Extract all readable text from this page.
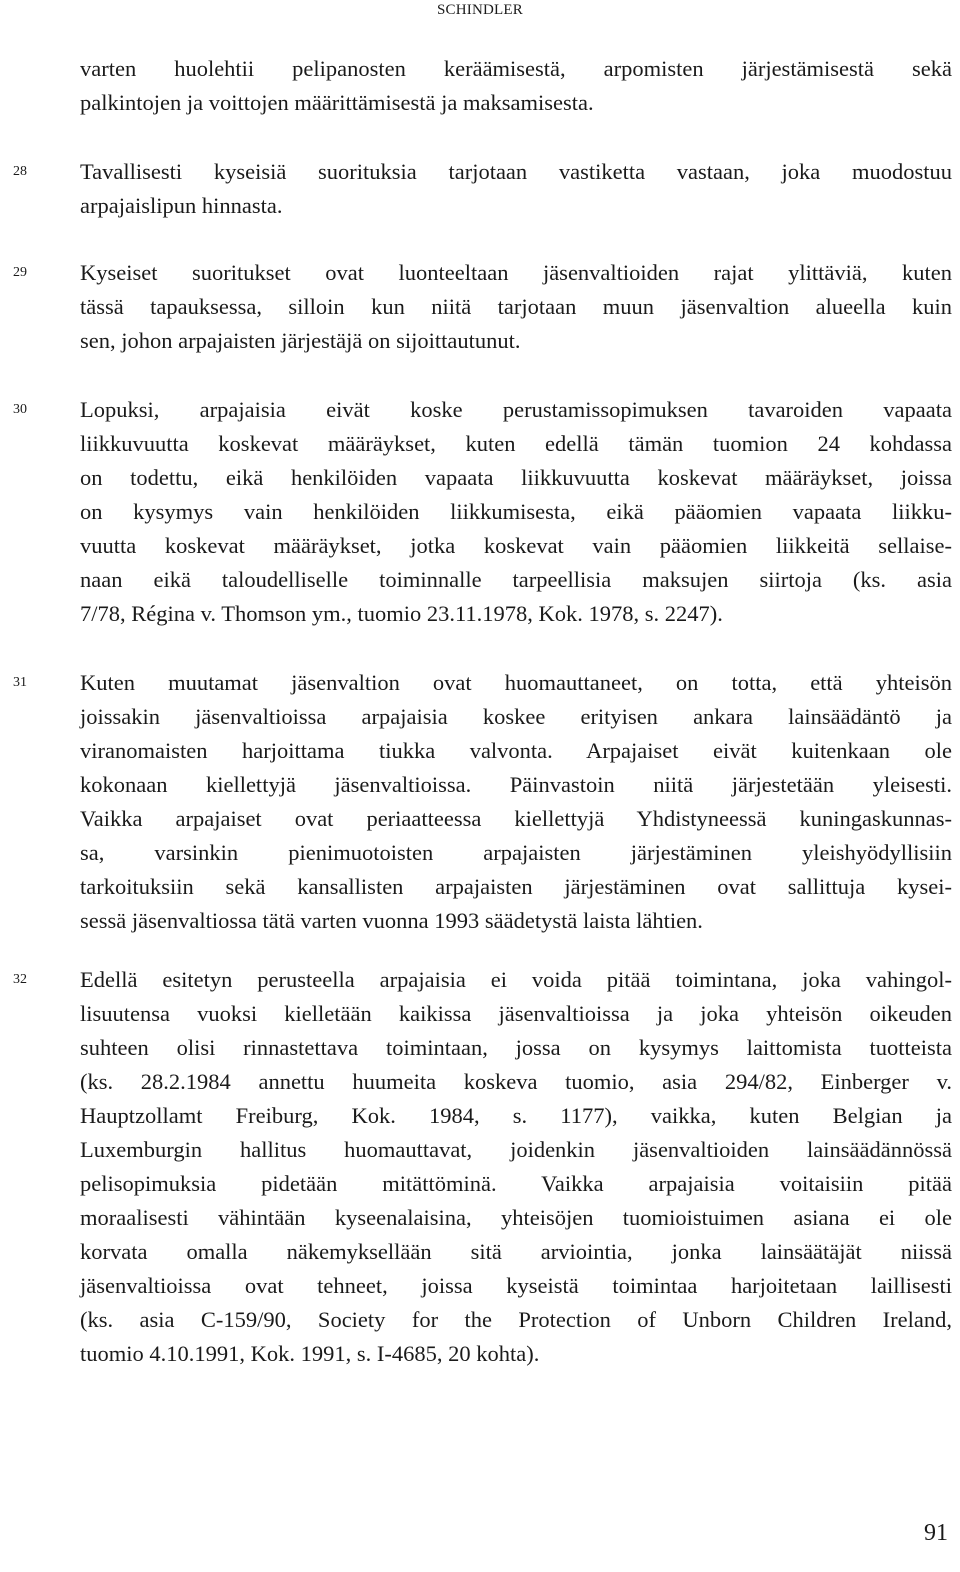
SCHINDLER
varten huolehtii pelipanosten keräämisestä, arpomisten järjestämisestä sekä
palkintojen ja voittojen määrittämisestä ja maksamisesta.
28	Tavallisesti kyseisiä suorituksia tarjotaan vastiketta vastaan, joka muodostuu
arpajaislipun hinnasta.
29	Kyseiset suoritukset ovat luonteeltaan jäsenvaltioiden rajat ylittäviä, kuten
tässä tapauksessa, silloin kun niitä tarjotaan muun jäsenvaltion alueella kuin
sen, johon arpajaisten järjestäjä on sijoittautunut.
30	Lopuksi, arpajaisia eivät koske perustamissopimuksen tavaroiden vapaata
liikkuvuutta koskevat määräykset, kuten edellä tämän tuomion 24 kohdassa
on todettu, eikä henkilöiden vapaata liikkuvuutta koskevat määräykset, joissa
on kysymys vain henkilöiden liikkumisesta, eikä pääomien vapaata liikku-
vuutta koskevat määräykset, jotka koskevat vain pääomien liikkeitä sellaise-
naan eikä taloudelliselle toiminnalle tarpeellisia maksujen siirtoja (ks. asia
7/78, Régina v. Thomson ym., tuomio 23.11.1978, Kok. 1978, s. 2247).
31	Kuten muutamat jäsenvaltion ovat huomauttaneet, on totta, että yhteisön
joissakin jäsenvaltioissa arpajaisia koskee erityisen ankara lainsäädäntö ja
viranomaisten harjoittama tiukka valvonta. Arpajaiset eivät kuitenkaan ole
kokonaan kiellettyjä jäsenvaltioissa. Päinvastoin niitä järjestetään yleisesti.
Vaikka arpajaiset ovat periaatteessa kiellettyjä Yhdistyneessä kuningaskunnas-
sa, varsinkin pienimuotoisten arpajaisten järjestäminen yleishyödyllisiin
tarkoituksiin sekä kansallisten arpajaisten järjestäminen ovat sallittuja kysei-
sessä jäsenvaltiossa tätä varten vuonna 1993 säädetystä laista lähtien.
32	Edellä esitetyn perusteella arpajaisia ei voida pitää toimintana, joka vahingol-
lisuutensa vuoksi kielletään kaikissa jäsenvaltioissa ja joka yhteisön oikeuden
suhteen olisi rinnastettava toimintaan, jossa on kysymys laittomista tuotteista
(ks. 28.2.1984 annettu huumeita koskeva tuomio, asia 294/82, Einberger v.
Hauptzollamt Freiburg, Kok. 1984, s. 1177), vaikka, kuten Belgian ja
Luxemburgin hallitus huomauttavat, joidenkin jäsenvaltioiden lainsäädännössä
pelisopimuksia pidetään mitättöminä. Vaikka arpajaisia voitaisiin pitää
moraalisesti vähintään kyseenalaisina, yhteisöjen tuomioistuimen asiana ei ole
korvata omalla näkemyksellään sitä arviointia, jonka lainsäätäjät niissä
jäsenvaltioissa ovat tehneet, joissa kyseistä toimintaa harjoitetaan laillisesti
(ks. asia C-159/90, Society for the Protection of Unborn Children Ireland,
tuomio 4.10.1991, Kok. 1991, s. I-4685, 20 kohta).
91
